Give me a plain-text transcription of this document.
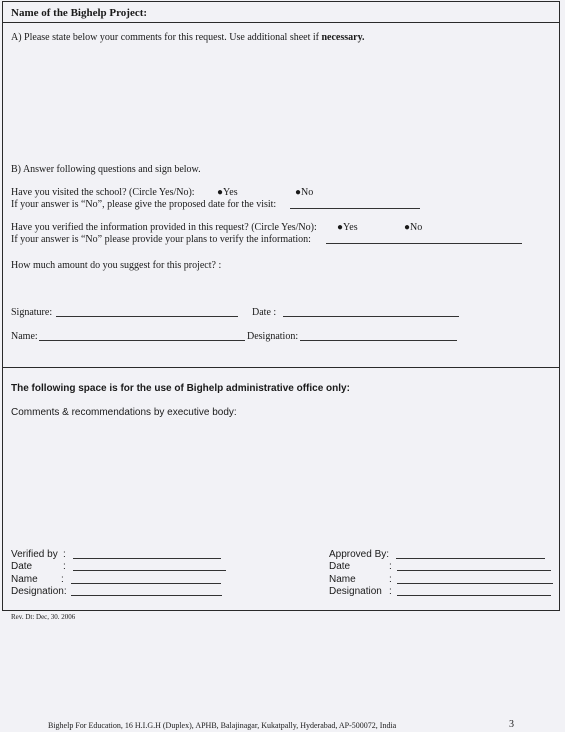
Name of the Bighelp Project:
A) Please state below your comments for this request. Use additional sheet if necessary.
B) Answer following questions and sign below.
Have you visited the school? (Circle Yes/No): ●Yes	●No
If your answer is “No”, please give the proposed date for the visit:
Have you verified the information provided in this request? (Circle Yes/No): ●Yes	●No
If your answer is “No” please provide your plans to verify the information:
How much amount do you suggest for this project? :
Signature:	Date :
Name:	Designation:
The following space is for the use of Bighelp administrative office only:
Comments & recommendations by executive body:
Verified by :
Date	:
Name :
Designation:
Approved By:
Date	:
Name	:
Designation :
Rev. Dt: Dec, 30. 2006
Bighelp For Education, 16 H.I.G.H (Duplex), APHB, Balajinagar, Kukatpally, Hyderabad, AP-500072, India	3
